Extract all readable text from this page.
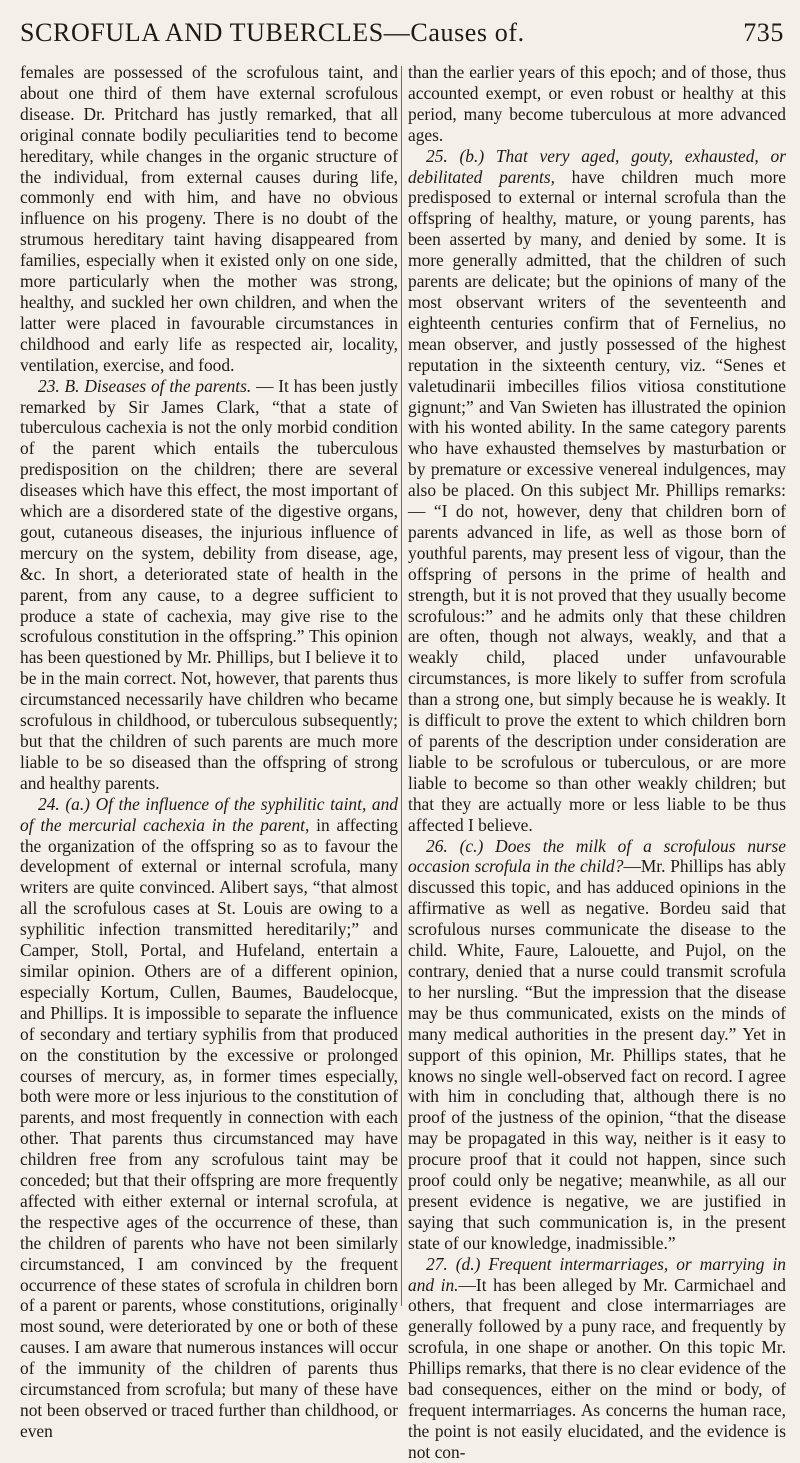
SCROFULA AND TUBERCLES—Causes of.	735

females are possessed of the scrofulous taint, and about one third of them have external scrofulous disease. Dr. Pritchard has justly remarked, that all original connate bodily peculiarities tend to become hereditary, while changes in the organic structure of the individual, from external causes during life, commonly end with him, and have no obvious influence on his progeny. There is no doubt of the strumous hereditary taint having disappeared from families, especially when it existed only on one side, more particularly when the mother was strong, healthy, and suckled her own children, and when the latter were placed in favourable circumstances in childhood and early life as respected air, locality, ventilation, exercise, and food.

23. B. Diseases of the parents. — It has been justly remarked by Sir James Clark, “that a state of tuberculous cachexia is not the only morbid condition of the parent which entails the tuberculous predisposition on the children; there are several diseases which have this effect, the most important of which are a disordered state of the digestive organs, gout, cutaneous diseases, the injurious influence of mercury on the system, debility from disease, age, &c. In short, a deteriorated state of health in the parent, from any cause, to a degree sufficient to produce a state of cachexia, may give rise to the scrofulous constitution in the offspring.” This opinion has been questioned by Mr. Phillips, but I believe it to be in the main correct. Not, however, that parents thus circumstanced necessarily have children who became scrofulous in childhood, or tuberculous subsequently; but that the children of such parents are much more liable to be so diseased than the offspring of strong and healthy parents.

24. (a.) Of the influence of the syphilitic taint, and of the mercurial cachexia in the parent, in affecting the organization of the offspring so as to favour the development of external or internal scrofula, many writers are quite convinced. Alibert says, “that almost all the scrofulous cases at St. Louis are owing to a syphilitic infection transmitted hereditarily;” and Camper, Stoll, Portal, and Hufeland, entertain a similar opinion. Others are of a different opinion, especially Kortum, Cullen, Baumes, Baudelocque, and Phillips. It is impossible to separate the influence of secondary and tertiary syphilis from that produced on the constitution by the excessive or prolonged courses of mercury, as, in former times especially, both were more or less injurious to the constitution of parents, and most frequently in connection with each other. That parents thus circumstanced may have children free from any scrofulous taint may be conceded; but that their offspring are more frequently affected with either external or internal scrofula, at the respective ages of the occurrence of these, than the children of parents who have not been similarly circumstanced, I am convinced by the frequent occurrence of these states of scrofula in children born of a parent or parents, whose constitutions, originally most sound, were deteriorated by one or both of these causes. I am aware that numerous instances will occur of the immunity of the children of parents thus circumstanced from scrofula; but many of these have not been observed or traced further than childhood, or even

than the earlier years of this epoch; and of those, thus accounted exempt, or even robust or healthy at this period, many become tuberculous at more advanced ages.

25. (b.) That very aged, gouty, exhausted, or debilitated parents, have children much more predisposed to external or internal scrofula than the offspring of healthy, mature, or young parents, has been asserted by many, and denied by some. It is more generally admitted, that the children of such parents are delicate; but the opinions of many of the most observant writers of the seventeenth and eighteenth centuries confirm that of Fernelius, no mean observer, and justly possessed of the highest reputation in the sixteenth century, viz. “Senes et valetudinarii imbecilles filios vitiosa constitutione gignunt;” and Van Swieten has illustrated the opinion with his wonted ability. In the same category parents who have exhausted themselves by masturbation or by premature or excessive venereal indulgences, may also be placed. On this subject Mr. Phillips remarks: — “I do not, however, deny that children born of parents advanced in life, as well as those born of youthful parents, may present less of vigour, than the offspring of persons in the prime of health and strength, but it is not proved that they usually become scrofulous:” and he admits only that these children are often, though not always, weakly, and that a weakly child, placed under unfavourable circumstances, is more likely to suffer from scrofula than a strong one, but simply because he is weakly. It is difficult to prove the extent to which children born of parents of the description under consideration are liable to be scrofulous or tuberculous, or are more liable to become so than other weakly children; but that they are actually more or less liable to be thus affected I believe.

26. (c.) Does the milk of a scrofulous nurse occasion scrofula in the child?—Mr. Phillips has ably discussed this topic, and has adduced opinions in the affirmative as well as negative. Bordeu said that scrofulous nurses communicate the disease to the child. White, Faure, Lalouette, and Pujol, on the contrary, denied that a nurse could transmit scrofula to her nursling. “But the impression that the disease may be thus communicated, exists on the minds of many medical authorities in the present day.” Yet in support of this opinion, Mr. Phillips states, that he knows no single well-observed fact on record. I agree with him in concluding that, although there is no proof of the justness of the opinion, “that the disease may be propagated in this way, neither is it easy to procure proof that it could not happen, since such proof could only be negative; meanwhile, as all our present evidence is negative, we are justified in saying that such communication is, in the present state of our knowledge, inadmissible.”

27. (d.) Frequent intermarriages, or marrying in and in.—It has been alleged by Mr. Carmichael and others, that frequent and close intermarriages are generally followed by a puny race, and frequently by scrofula, in one shape or another. On this topic Mr. Phillips remarks, that there is no clear evidence of the bad consequences, either on the mind or body, of frequent intermarriages. As concerns the human race, the point is not easily elucidated, and the evidence is not con-
